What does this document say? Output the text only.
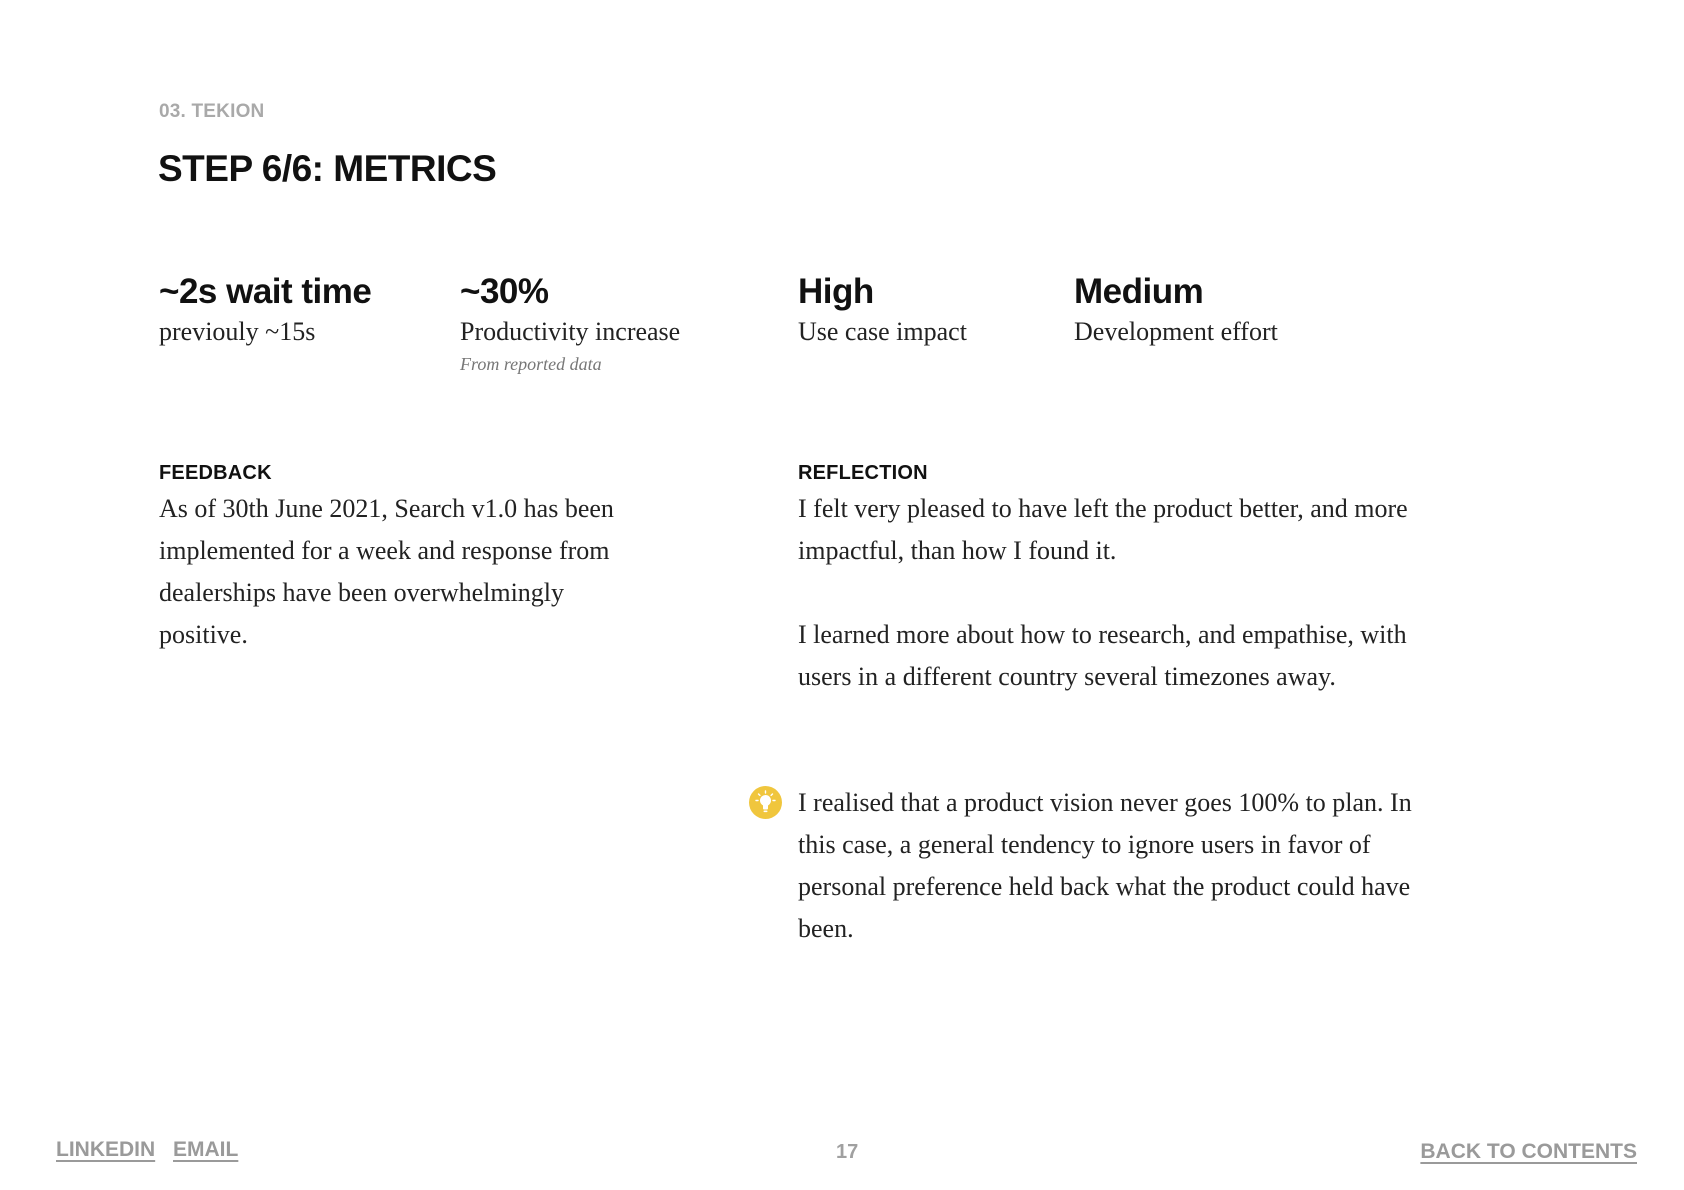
03. TEKION
STEP 6/6: METRICS
~2s wait time
previouly ~15s
~30%
Productivity increase
From reported data
High
Use case impact
Medium
Development effort
FEEDBACK

As of 30th June 2021, Search v1.0 has been implemented for a week and response from dealerships have been overwhelmingly positive.

REFLECTION

I felt very pleased to have left the product better, and more impactful, than how I found it.

I learned more about how to research, and empathise, with users in a different country several timezones away.

I realised that a product vision never goes 100% to plan. In this case, a general tendency to ignore users in favor of personal preference held back what the product could have been.

LINKEDIN EMAIL	17	BACK TO CONTENTS
